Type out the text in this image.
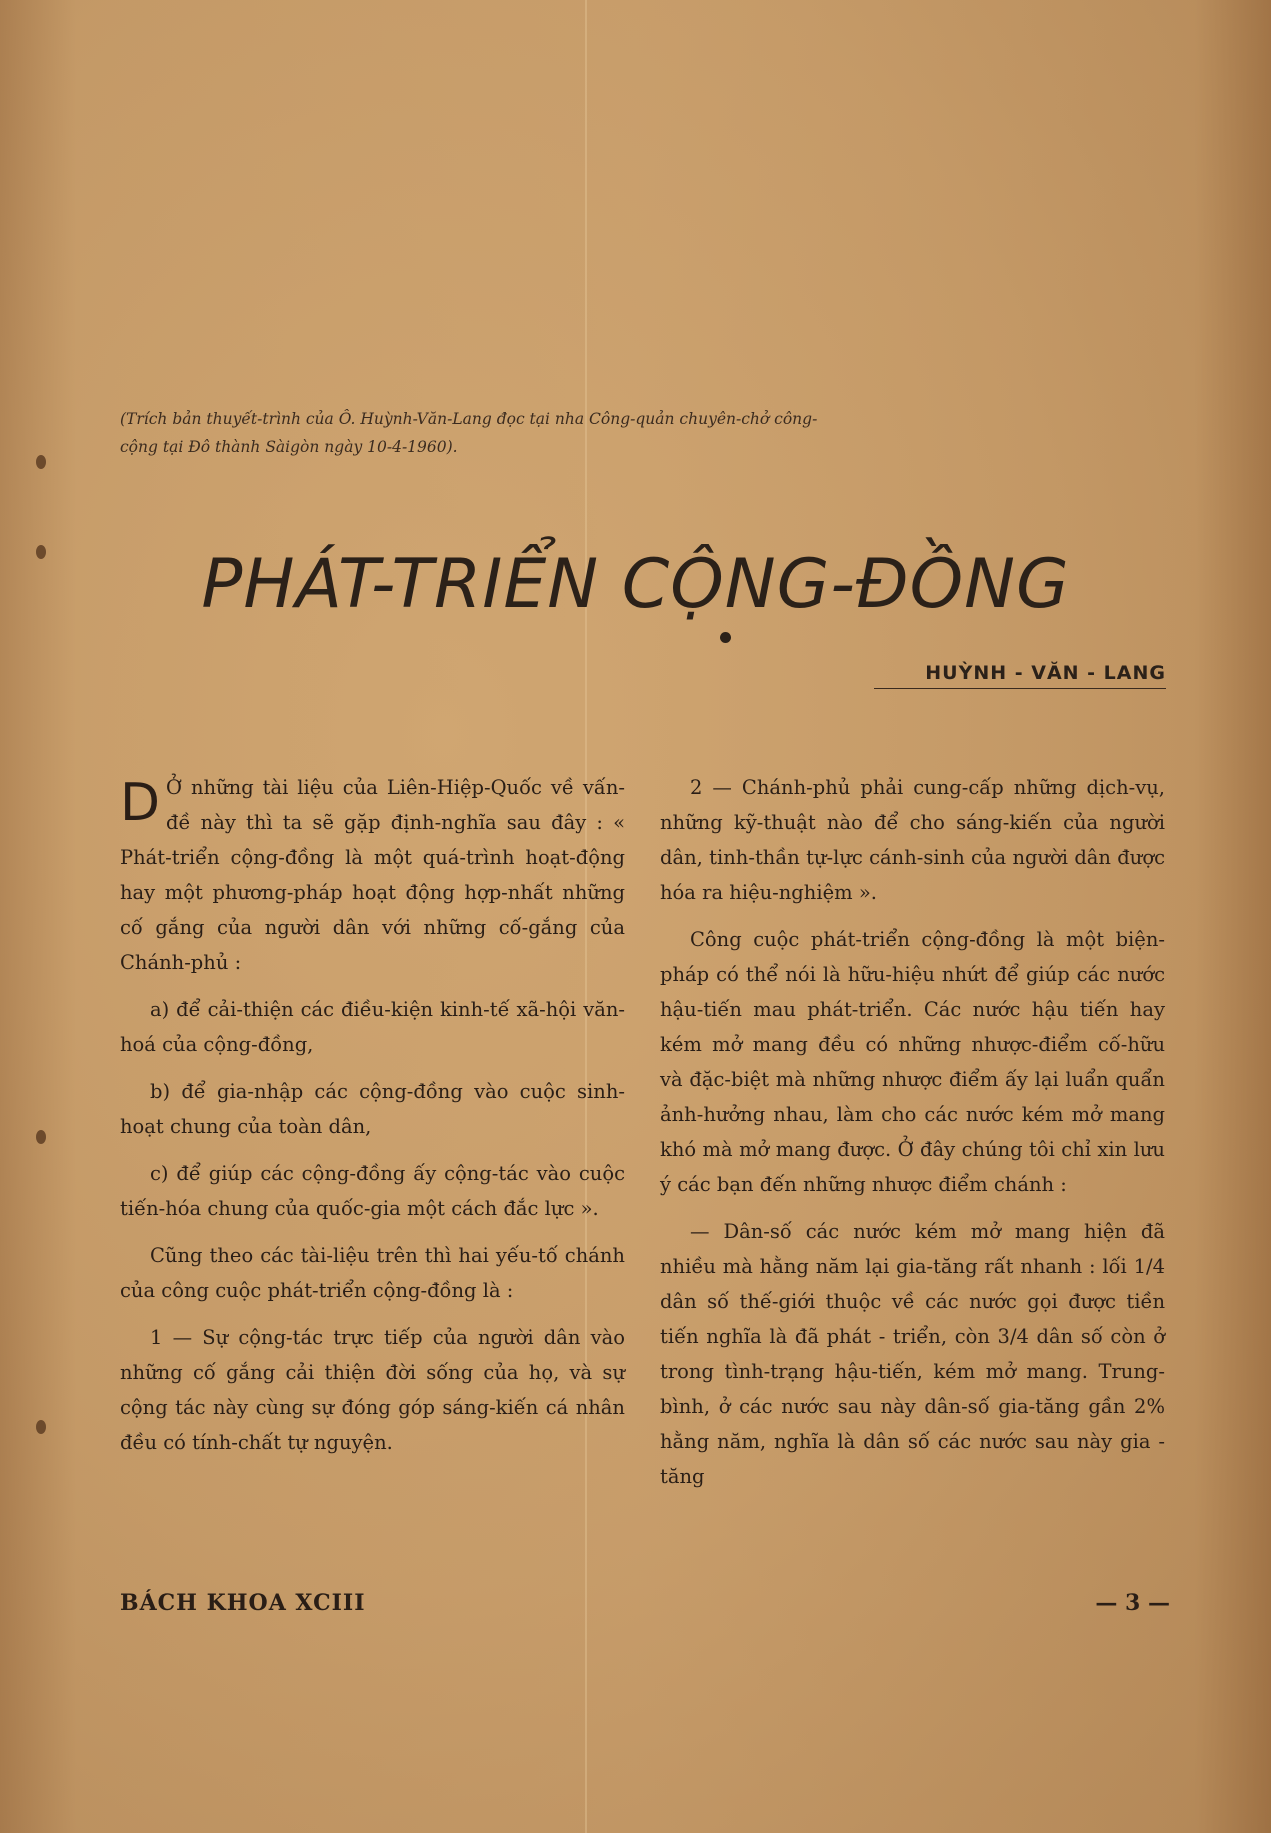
(Trích bản thuyết-trình của Ô. Huỳnh-Văn-Lang đọc tại nha Công-quản chuyên-chở công-cộng tại Đô thành Sàigòn ngày 10-4-1960).

PHÁT-TRIỂN CỘNG-ĐỒNG

HUỲNH - VĂN - LANG

D Ở những tài liệu của Liên-Hiệp-Quốc về vấn-đề này thì ta sẽ gặp định-nghĩa sau đây : « Phát-triển cộng-đồng là một quá-trình hoạt-động hay một phương-pháp hoạt động hợp-nhất những cố gắng của người dân với những cố-gắng của Chánh-phủ :

a) để cải-thiện các điều-kiện kinh-tế xã-hội văn-hoá của cộng-đồng,

b) để gia-nhập các cộng-đồng vào cuộc sinh-hoạt chung của toàn dân,

c) để giúp các cộng-đồng ấy cộng-tác vào cuộc tiến-hóa chung của quốc-gia một cách đắc lực ».

Cũng theo các tài-liệu trên thì hai yếu-tố chánh của công cuộc phát-triển cộng-đồng là :

1 — Sự cộng-tác trực tiếp của người dân vào những cố gắng cải thiện đời sống của họ, và sự cộng tác này cùng sự đóng góp sáng-kiến cá nhân đều có tính-chất tự nguyện.

2 — Chánh-phủ phải cung-cấp những dịch-vụ, những kỹ-thuật nào để cho sáng-kiến của người dân, tinh-thần tự-lực cánh-sinh của người dân được hóa ra hiệu-nghiệm ».

Công cuộc phát-triển cộng-đồng là một biện-pháp có thể nói là hữu-hiệu nhứt để giúp các nước hậu-tiến mau phát-triển. Các nước hậu tiến hay kém mở mang đều có những nhược-điểm cố-hữu và đặc-biệt mà những nhược điểm ấy lại luẩn quẩn ảnh-hưởng nhau, làm cho các nước kém mở mang khó mà mở mang được. Ở đây chúng tôi chỉ xin lưu ý các bạn đến những nhược điểm chánh :

— Dân-số các nước kém mở mang hiện đã nhiều mà hằng năm lại gia-tăng rất nhanh : lối 1/4 dân số thế-giới thuộc về các nước gọi được tiền tiến nghĩa là đã phát - triển, còn 3/4 dân số còn ở trong tình-trạng hậu-tiến, kém mở mang. Trung-bình, ở các nước sau này dân-số gia-tăng gần 2% hằng năm, nghĩa là dân số các nước sau này gia - tăng

BÁCH KHOA XCIII	— 3 —
